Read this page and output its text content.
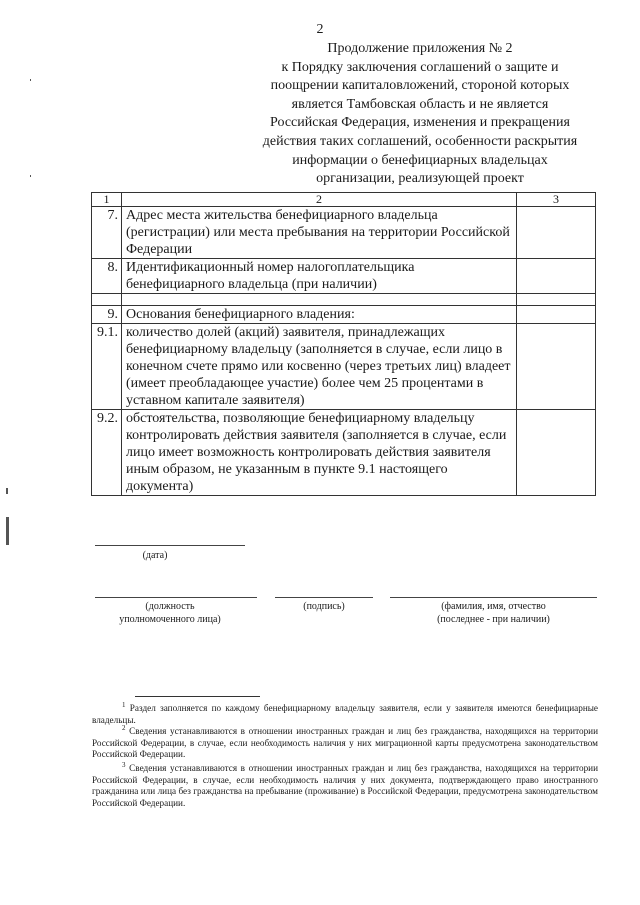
2
Продолжение приложения № 2
к Порядку заключения соглашений о защите и
поощрении капиталовложений, стороной которых
является Тамбовская область и не является
Российская Федерация, изменения и прекращения
действия таких соглашений, особенности раскрытия
информации о бенефициарных владельцах
организации, реализующей проект
1	2	3

7.	Адрес места жительства бенефициарного владельца (регистрации) или места пребывания на территории Российской Федерации	

8.	Идентификационный номер налогоплательщика бенефициарного владельца (при наличии)	

9.	Основания бенефициарного владения:	

9.1.	количество долей (акций) заявителя, принадлежащих бенефициарному владельцу (заполняется в случае, если лицо в конечном счете прямо или косвенно (через третьих лиц) владеет (имеет преобладающее участие) более чем 25 процентами в уставном капитале заявителя)	

9.2.	обстоятельства, позволяющие бенефициарному владельцу контролировать действия заявителя (заполняется в случае, если лицо имеет возможность контролировать действия заявителя иным образом, не указанным в пункте 9.1 настоящего документа)	
(дата)
(должность
уполномоченного лица)
(подпись)	(фамилия, имя, отчество
(последнее - при наличии)
$^1$ Раздел заполняется по каждому бенефициарному владельцу заявителя, если у заявителя имеются бенефициарные владельцы.
$^2$ Сведения устанавливаются в отношении иностранных граждан и лиц без гражданства, находящихся на территории Российской Федерации, в случае, если необходимость наличия у них миграционной карты предусмотрена законодательством Российской Федерации.
$^3$ Сведения устанавливаются в отношении иностранных граждан и лиц без гражданства, находящихся на территории Российской Федерации, в случае, если необходимость наличия у них документа, подтверждающего право иностранного гражданина или лица без гражданства на пребывание (проживание) в Российской Федерации, предусмотрена законодательством Российской Федерации.
